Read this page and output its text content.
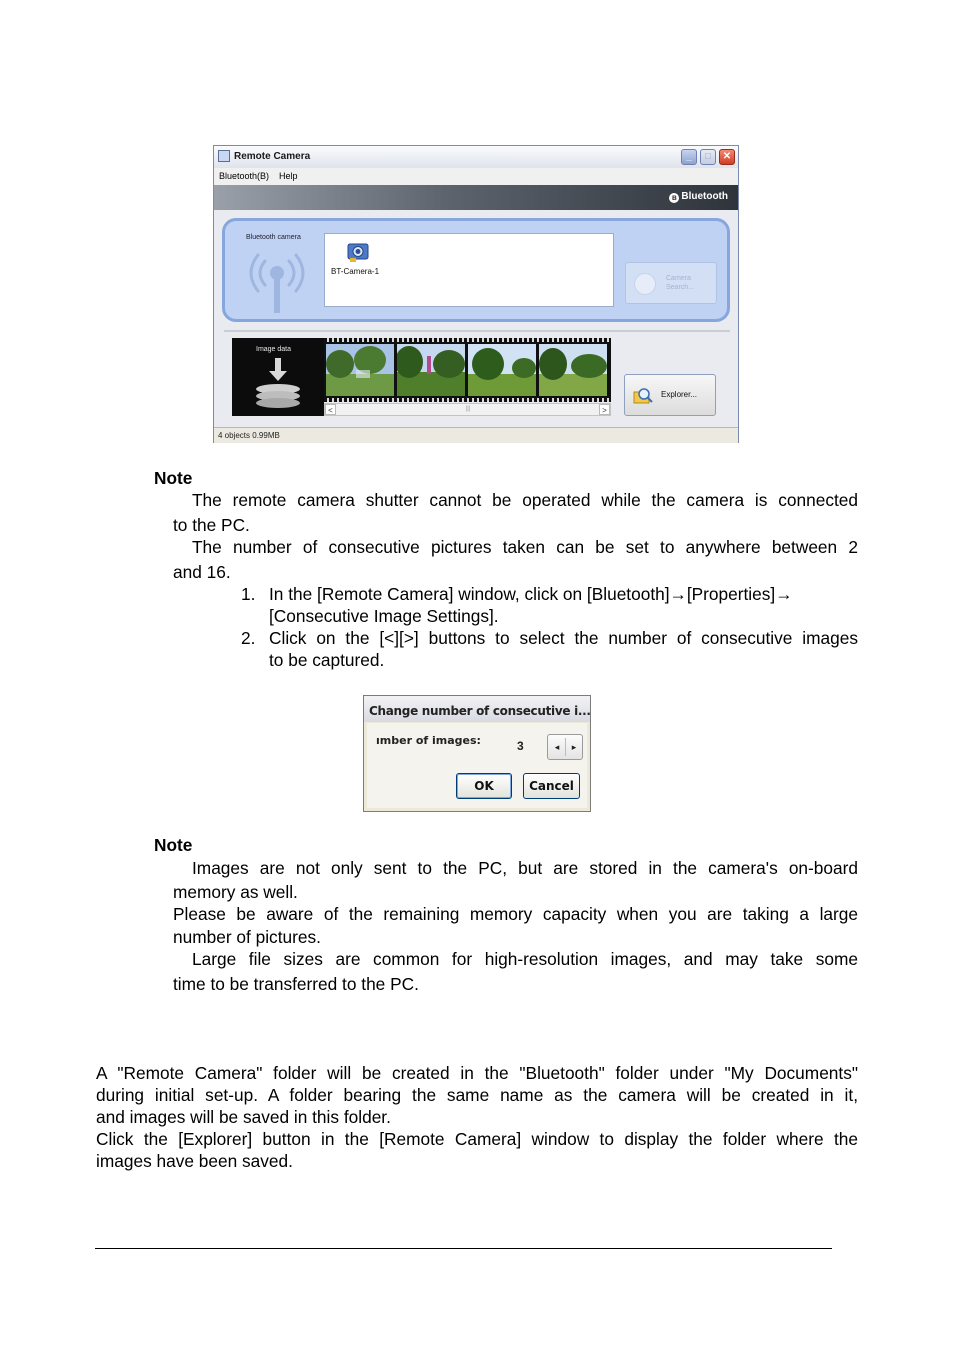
Remote Camera	_	□	✕
Bluetooth(B) Help
ʙ Bluetooth
Bluetooth camera
BT-Camera-1
Camera
Search...
Image data
<	|||	>
Explorer...
4 objects 0.99MB
Note
The remote camera shutter cannot be operated while the camera is connected
to the PC.
The number of consecutive pictures taken can be set to anywhere between 2
and 16.
1. In the [Remote Camera] window, click on [Bluetooth]→[Properties]→
[Consecutive Image Settings].
2. Click on the [<][>] buttons to select the number of consecutive images
to be captured.
Change number of consecutive i...
ımber of images:	3	◂	▸
OK	Cancel
Note
Images are not only sent to the PC, but are stored in the camera's on-board
memory as well.
Please be aware of the remaining memory capacity when you are taking a large
number of pictures.
Large file sizes are common for high-resolution images, and may take some
time to be transferred to the PC.
A "Remote Camera" folder will be created in the "Bluetooth" folder under "My Documents"
during initial set-up. A folder bearing the same name as the camera will be created in it,
and images will be saved in this folder.
Click the [Explorer] button in the [Remote Camera] window to display the folder where the
images have been saved.
